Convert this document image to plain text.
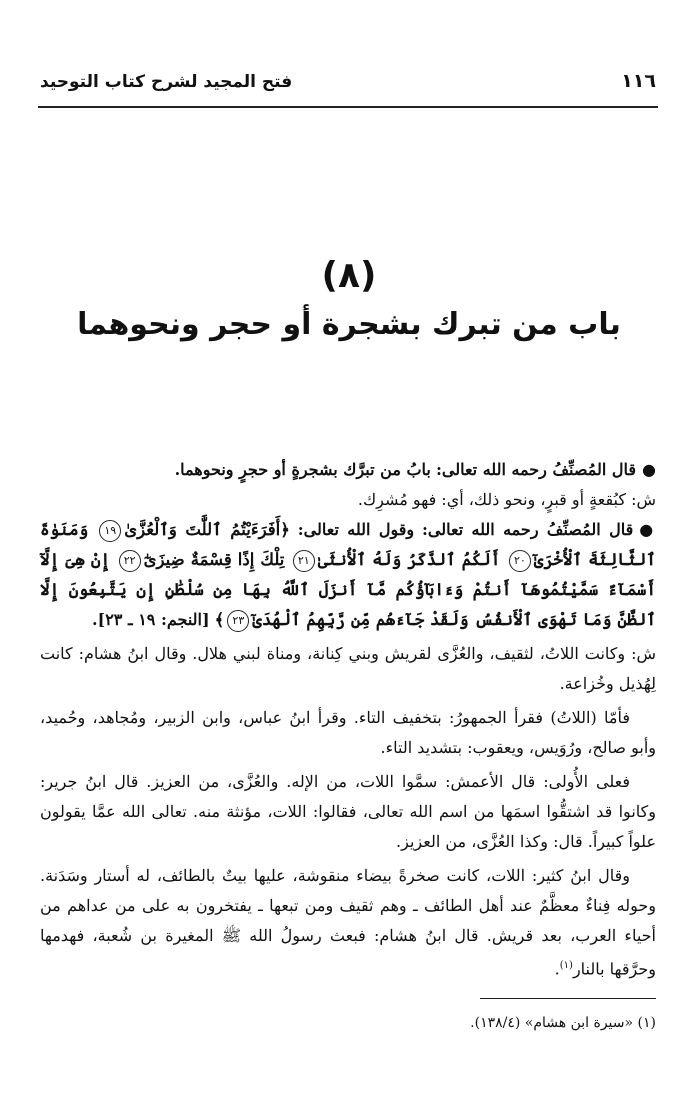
١١٦
فتح المجيد لشرح كتاب التوحيد
(٨)
باب من تبرك بشجرة أو حجر ونحوهما

●قال المُصنِّفُ رحمه الله تعالى: بابُ من تبرَّك بشجرةٍ أو حجرٍ ونحوهما.

ش: كبُقعةٍ أو قبرٍ، ونحو ذلك، أي: فهو مُشرِك.

●قال المُصنِّفُ رحمه الله تعالى: وقول الله تعالى: ﴿أَفَرَءَيْتُمُ ٱللَّٰتَ وَٱلْعُزَّىٰ١٩ وَمَنَوٰةَ ٱلثَّالِثَةَ ٱلْأُخْرَىٰٓ٢٠ أَلَكُمُ ٱلذَّكَرُ وَلَهُ ٱلْأُنثَىٰ٢١ تِلْكَ إِذًا قِسْمَةٌ ضِيزَىٰٓ٢٢ إِنْ هِىَ إِلَّآ أَسْمَآءٌ سَمَّيْتُمُوهَآ أَنتُمْ وَءَابَآؤُكُم مَّآ أَنزَلَ ٱللَّهُ بِهَا مِن سُلْطَٰنٍ إِن يَتَّبِعُونَ إِلَّا ٱلظَّنَّ وَمَا تَهْوَى ٱلْأَنفُسُ وَلَقَدْ جَآءَهُم مِّن رَّبِّهِمُ ٱلْهُدَىٰٓ٢٣﴾ [النجم: ١٩ ـ ٢٣].

ش: وكانت اللاتُ، لثقيف، والعُزَّى لقريش وبني كِنانة، ومناة لبني هلال. وقال ابنُ هشام: كانت لِهُذيل وخُزاعة.

فأمّا (اللاتُ) فقرأ الجمهورُ: بتخفيف التاء. وقرأ ابنُ عباس، وابن الزبير، ومُجاهد، وحُميد، وأبو صالح، ورُوَيس، ويعقوب: بتشديد التاء.

فعلى الأُولى: قال الأعمش: سمَّوا اللات، من الإله. والعُزَّى، من العزيز. قال ابنُ جرير: وكانوا قد اشتقُّوا اسمَها من اسم الله تعالى، فقالوا: اللات، مؤنثة منه. تعالى الله عمَّا يقولون علواً كبيراً. قال: وكذا العُزَّى، من العزيز.

وقال ابنُ كثير: اللات، كانت صخرةً بيضاء منقوشة، عليها بيتٌ بالطائف، له أستار وسَدَنة. وحوله فِناءٌ معظَّمٌ عند أهل الطائف ـ وهم ثقيف ومن تبعها ـ يفتخرون به على من عداهم من أحياء العرب، بعد قريش. قال ابنُ هشام: فبعث رسولُ الله ﷺ المغيرة بن شُعبة، فهدمها وحرَّقها بالنار$^{(١)}$.

(١) «سيرة ابن هشام» (١٣٨/٤).
